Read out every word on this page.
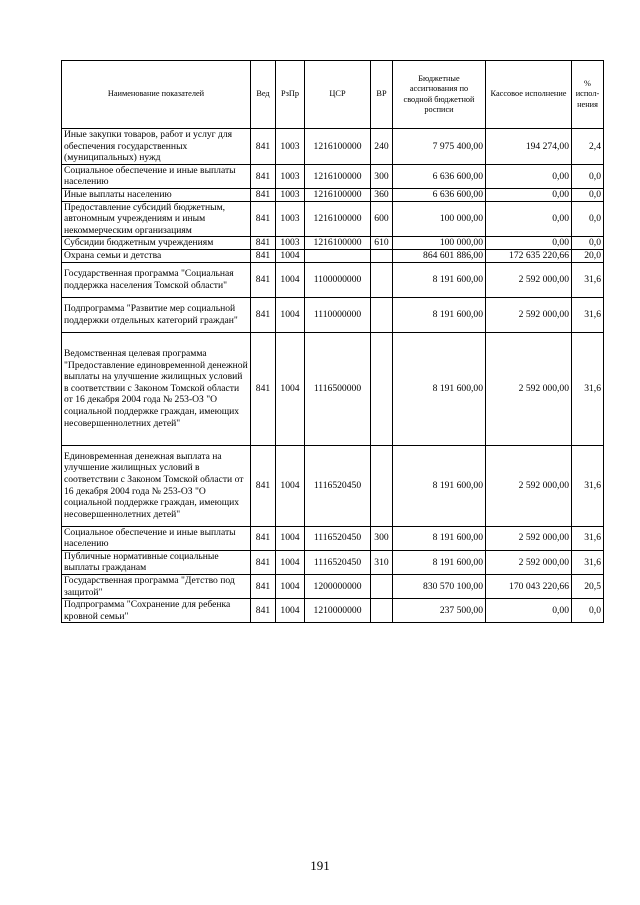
Наименование показателей	Вед	РзПр	ЦСР	ВР	Бюджетные ассигнования по сводной бюджетной росписи	Кассовое исполнение	% испол-нения
Иные закупки товаров, работ и услуг для обеспечения государственных (муниципальных) нужд	841	1003	1216100000	240	7 975 400,00	194 274,00	2,4
Социальное обеспечение и иные выплаты населению	841	1003	1216100000	300	6 636 600,00	0,00	0,0
Иные выплаты населению	841	1003	1216100000	360	6 636 600,00	0,00	0,0
Предоставление субсидий бюджетным, автономным учреждениям и иным некоммерческим организациям	841	1003	1216100000	600	100 000,00	0,00	0,0
Субсидии бюджетным учреждениям	841	1003	1216100000	610	100 000,00	0,00	0,0
Охрана семьи и детства	841	1004			864 601 886,00	172 635 220,66	20,0
Государственная программа "Социальная поддержка населения Томской области"	841	1004	1100000000		8 191 600,00	2 592 000,00	31,6
Подпрограмма "Развитие мер социальной поддержки отдельных категорий граждан"	841	1004	1110000000		8 191 600,00	2 592 000,00	31,6
Ведомственная целевая программа "Предоставление единовременной денежной выплаты на улучшение жилищных условий в соответствии с Законом Томской области от 16 декабря 2004 года № 253-ОЗ "О социальной поддержке граждан, имеющих несовершеннолетних детей"	841	1004	1116500000		8 191 600,00	2 592 000,00	31,6
Единовременная денежная выплата на улучшение жилищных условий в соответствии с Законом Томской области от 16 декабря 2004 года № 253-ОЗ "О социальной поддержке граждан, имеющих несовершеннолетних детей"	841	1004	1116520450		8 191 600,00	2 592 000,00	31,6
Социальное обеспечение и иные выплаты населению	841	1004	1116520450	300	8 191 600,00	2 592 000,00	31,6
Публичные нормативные социальные выплаты гражданам	841	1004	1116520450	310	8 191 600,00	2 592 000,00	31,6
Государственная программа "Детство под защитой"	841	1004	1200000000		830 570 100,00	170 043 220,66	20,5
Подпрограмма "Сохранение для ребенка кровной семьи"	841	1004	1210000000		237 500,00	0,00	0,0
191
